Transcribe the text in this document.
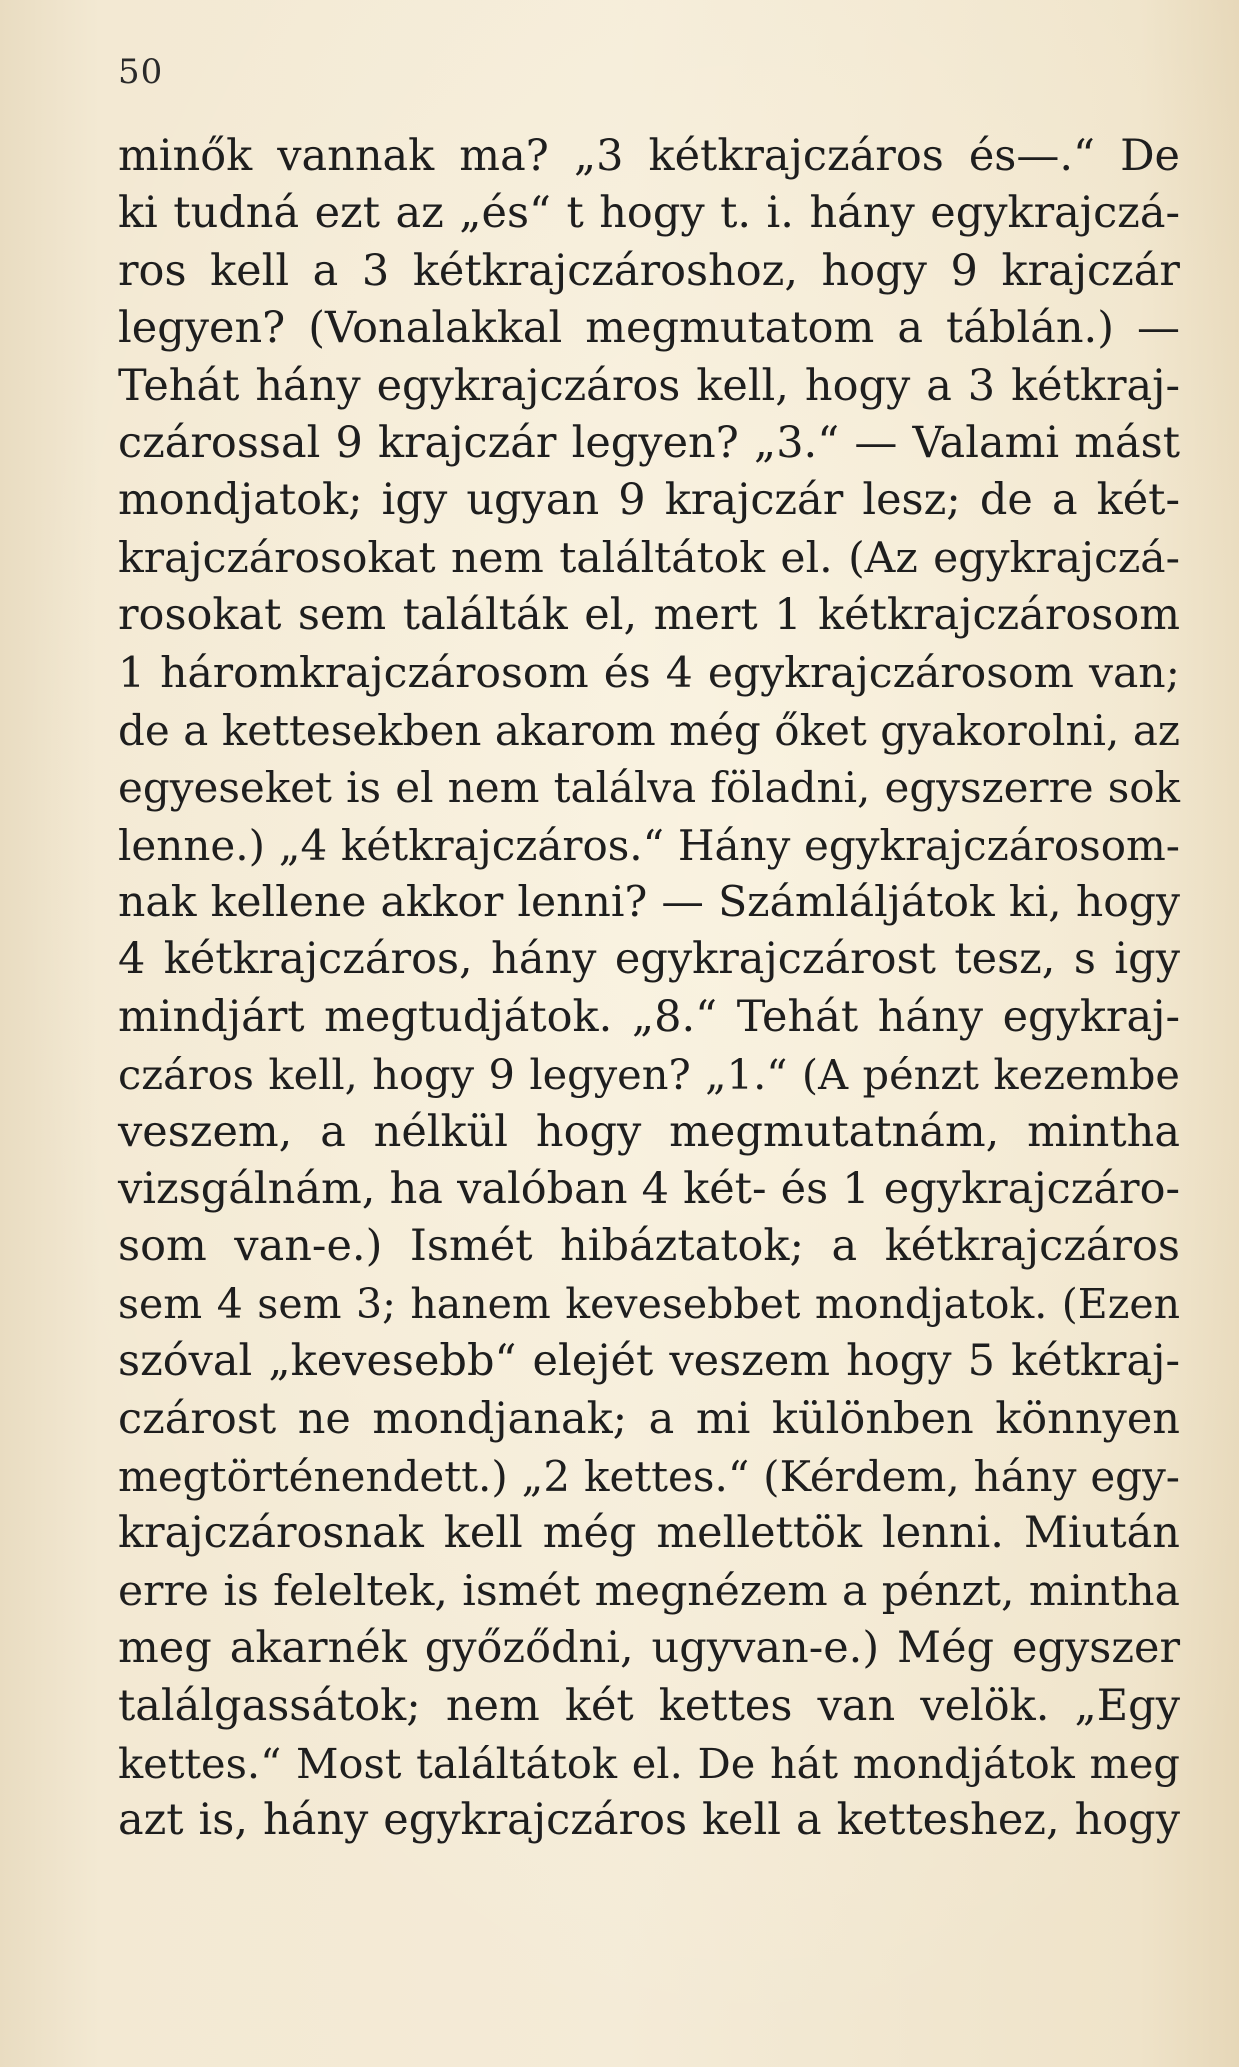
50
minők vannak ma? „3 kétkrajczáros és—.“ De
ki tudná ezt az „és“ t hogy t. i. hány egykrajczá-
ros kell a 3 kétkrajczároshoz, hogy 9 krajczár
legyen? (Vonalakkal megmutatom a táblán.) —
Tehát hány egykrajczáros kell, hogy a 3 kétkraj-
czárossal 9 krajczár legyen? „3.“ — Valami mást
mondjatok; igy ugyan 9 krajczár lesz; de a két-
krajczárosokat nem találtátok el. (Az egykrajczá-
rosokat sem találták el, mert 1 kétkrajczárosom
1 háromkrajczárosom és 4 egykrajczárosom van;
de a kettesekben akarom még őket gyakorolni, az
egyeseket is el nem találva föladni, egyszerre sok
lenne.) „4 kétkrajczáros.“ Hány egykrajczárosom-
nak kellene akkor lenni? — Számláljátok ki, hogy
4 kétkrajczáros, hány egykrajczárost tesz, s igy
mindjárt megtudjátok. „8.“ Tehát hány egykraj-
czáros kell, hogy 9 legyen? „1.“ (A pénzt kezembe
veszem, a nélkül hogy megmutatnám, mintha
vizsgálnám, ha valóban 4 két- és 1 egykrajczáro-
som van-e.) Ismét hibáztatok; a kétkrajczáros
sem 4 sem 3; hanem kevesebbet mondjatok. (Ezen
szóval „kevesebb“ elejét veszem hogy 5 kétkraj-
czárost ne mondjanak; a mi különben könnyen
megtörténendett.) „2 kettes.“ (Kérdem, hány egy-
krajczárosnak kell még mellettök lenni. Miután
erre is feleltek, ismét megnézem a pénzt, mintha
meg akarnék győződni, ugyvan-e.) Még egyszer
találgassátok; nem két kettes van velök. „Egy
kettes.“ Most találtátok el. De hát mondjátok meg
azt is, hány egykrajczáros kell a ketteshez, hogy
